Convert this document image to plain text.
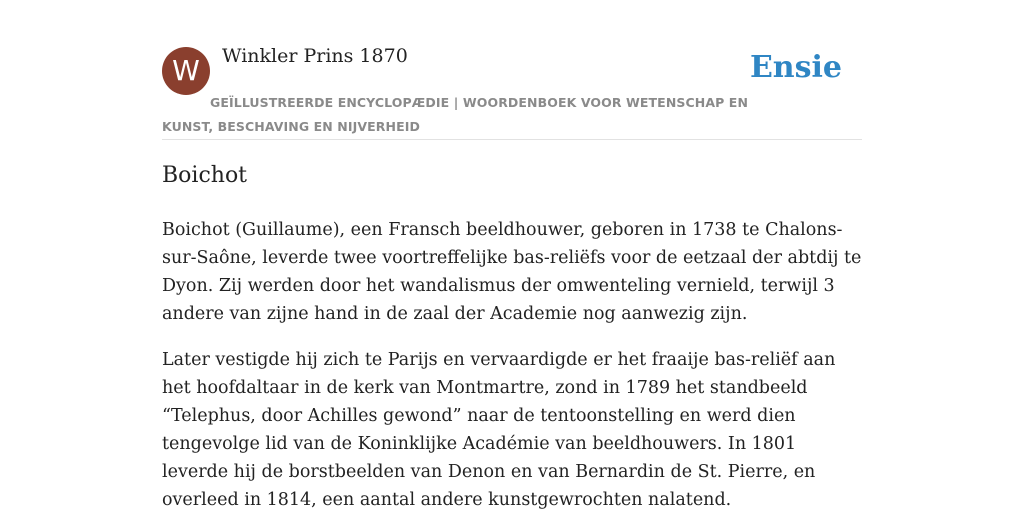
W	Winkler Prins 1870	Ensie
GEÏLLUSTREERDE ENCYCLOPÆDIE | WOORDENBOEK VOOR WETENSCHAP EN KUNST, BESCHAVING EN NIJVERHEID
Boichot

Boichot (Guillaume), een Fransch beeldhouwer, geboren in 1738 te Chalons-sur-Saône, leverde twee voortreffelijke bas-reliëfs voor de eetzaal der abtdij te Dyon. Zij werden door het wandalismus der omwenteling vernield, terwijl 3 andere van zijne hand in de zaal der Academie nog aanwezig zijn.

Later vestigde hij zich te Parijs en vervaardigde er het fraaije bas-reliëf aan het hoofdaltaar in de kerk van Montmartre, zond in 1789 het standbeeld “Telephus, door Achilles gewond” naar de tentoonstelling en werd dien tengevolge lid van de Koninklijke Académie van beeldhouwers. In 1801 leverde hij de borstbeelden van Denon en van Bernardin de St. Pierre, en overleed in 1814, een aantal andere kunstgewrochten nalatend.
